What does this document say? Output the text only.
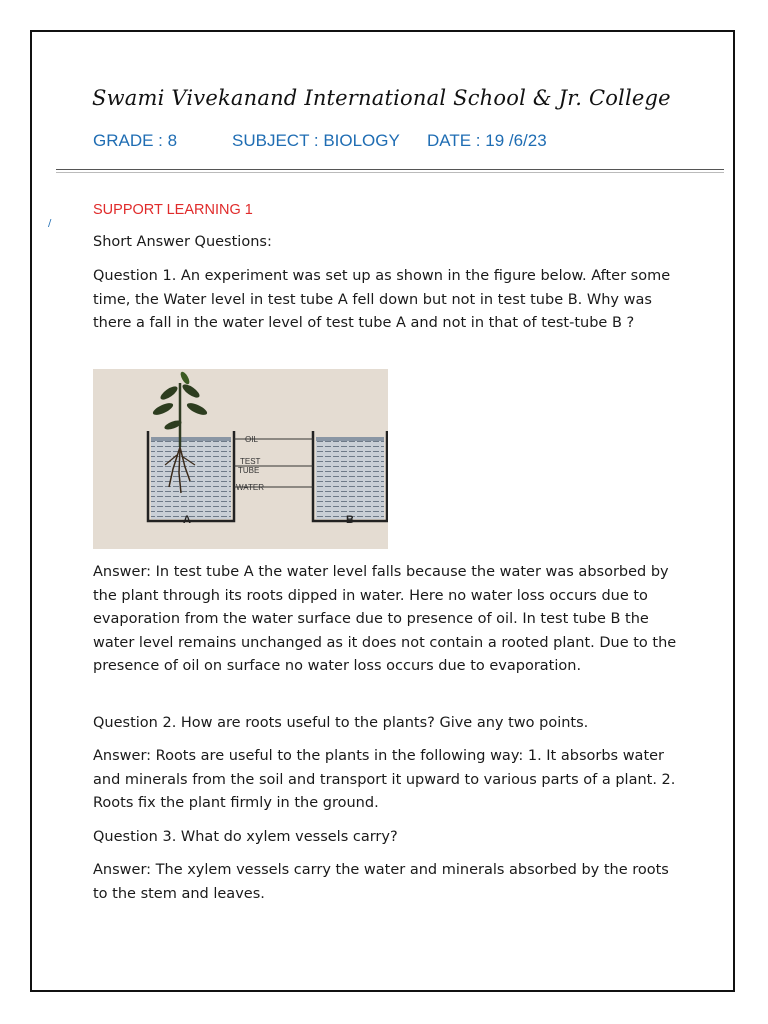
Swami Vivekanand International School & Jr. College
GRADE : 8	SUBJECT : BIOLOGY DATE : 19 /6/23
/
SUPPORT LEARNING 1

Short Answer Questions:

Question 1. An experiment was set up as shown in the figure below. After some time, the Water level in test tube A fell down but not in test tube B. Why was there a fall in the water level of test tube A and not in that of test-tube B ?

OIL
TEST
TUBE
WATER
A	B

Answer: In test tube A the water level falls because the water was absorbed by the plant through its roots dipped in water. Here no water loss occurs due to evaporation from the water surface due to presence of oil. In test tube B the water level remains unchanged as it does not contain a rooted plant. Due to the presence of oil on surface no water loss occurs due to evaporation.

Question 2. How are roots useful to the plants? Give any two points.

Answer: Roots are useful to the plants in the following way: 1. It absorbs water and minerals from the soil and transport it upward to various parts of a plant. 2. Roots fix the plant firmly in the ground.

Question 3. What do xylem vessels carry?

Answer: The xylem vessels carry the water and minerals absorbed by the roots to the stem and leaves.
